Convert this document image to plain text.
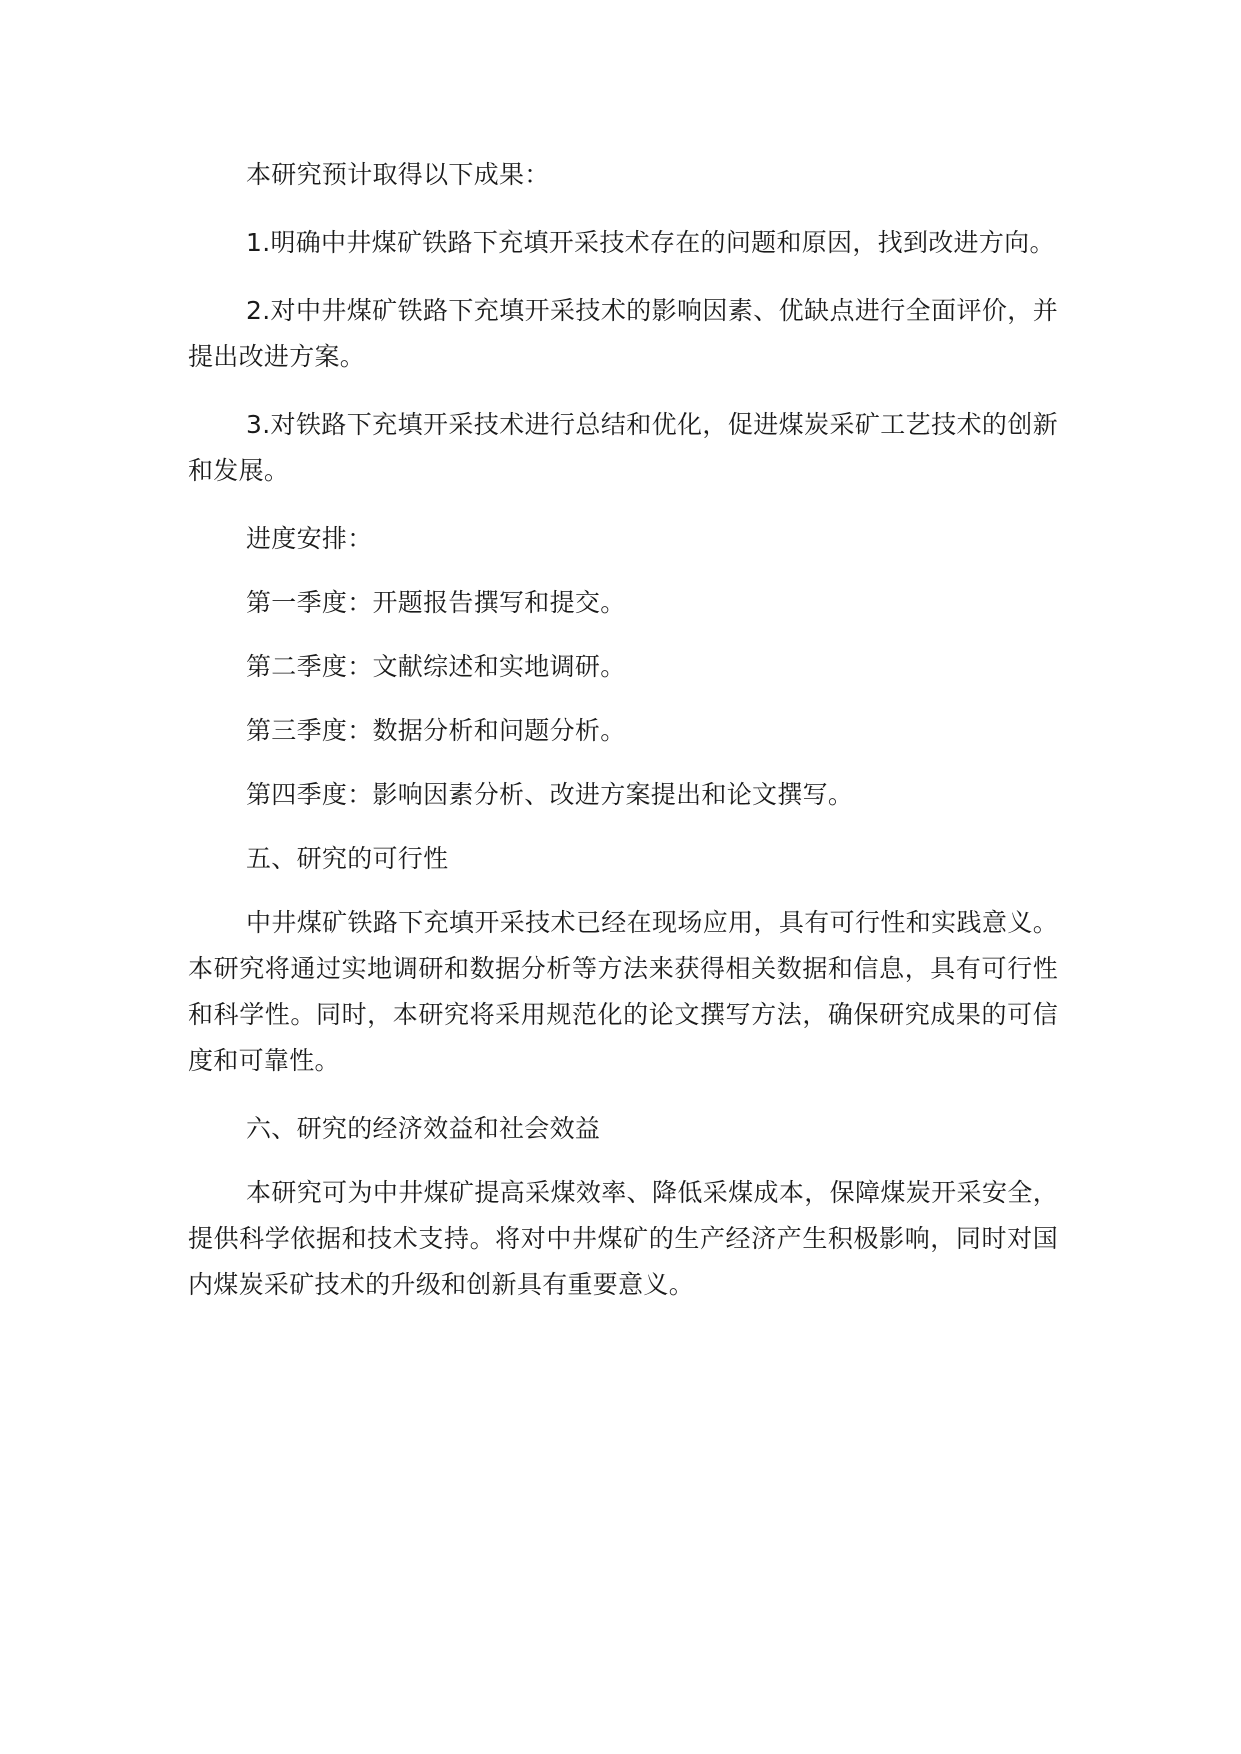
本研究预计取得以下成果：

1.明确中井煤矿铁路下充填开采技术存在的问题和原因，找到改进方向。

2.对中井煤矿铁路下充填开采技术的影响因素、优缺点进行全面评价，并提出改进方案。

3.对铁路下充填开采技术进行总结和优化，促进煤炭采矿工艺技术的创新和发展。

进度安排：

第一季度：开题报告撰写和提交。

第二季度：文献综述和实地调研。

第三季度：数据分析和问题分析。

第四季度：影响因素分析、改进方案提出和论文撰写。

五、研究的可行性

中井煤矿铁路下充填开采技术已经在现场应用，具有可行性和实践意义。本研究将通过实地调研和数据分析等方法来获得相关数据和信息，具有可行性和科学性。同时，本研究将采用规范化的论文撰写方法，确保研究成果的可信度和可靠性。

六、研究的经济效益和社会效益

本研究可为中井煤矿提高采煤效率、降低采煤成本，保障煤炭开采安全，提供科学依据和技术支持。将对中井煤矿的生产经济产生积极影响，同时对国内煤炭采矿技术的升级和创新具有重要意义。
